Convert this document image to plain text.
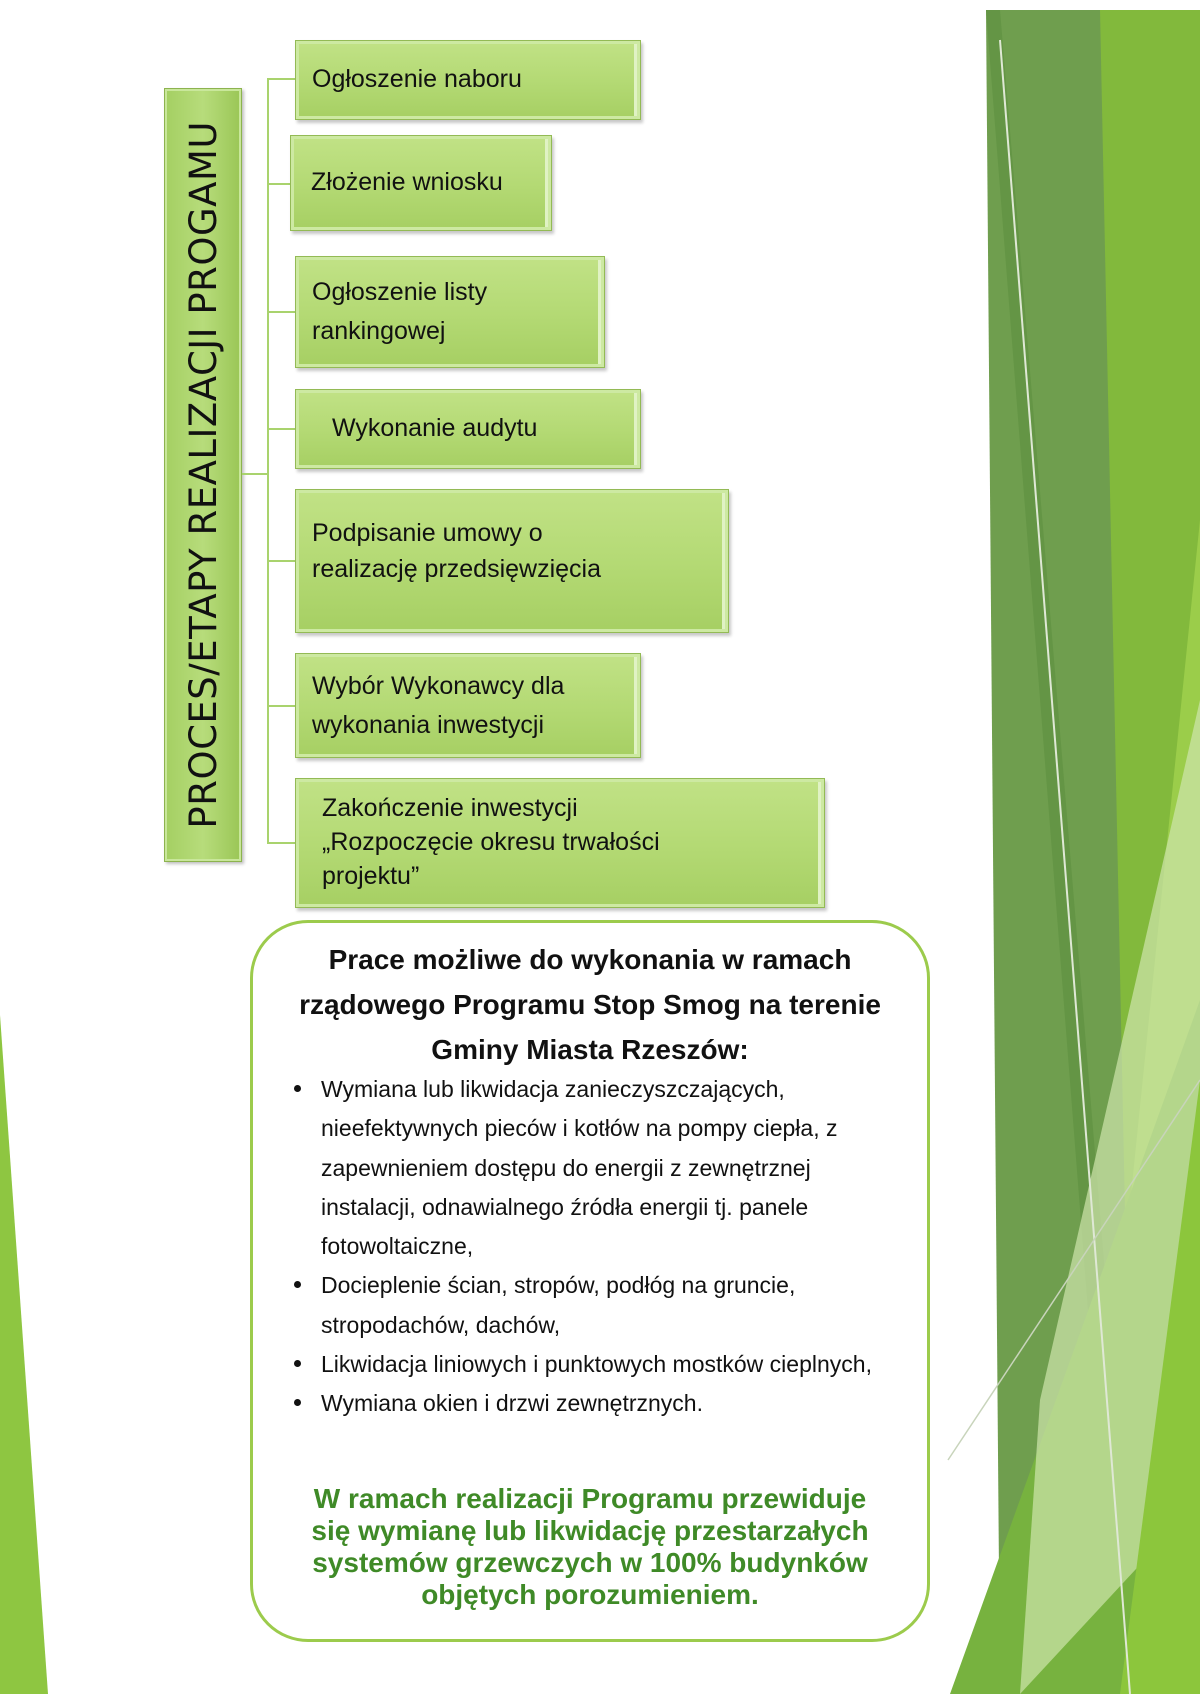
PROCES/ETAPY REALIZACJI PROGAMU
Ogłoszenie naboru
Złożenie wniosku
Ogłoszenie listy
rankingowej
Wykonanie audytu
Podpisanie umowy o
realizację przedsięwzięcia
Wybór Wykonawcy dla
wykonania inwestycji
Zakończenie inwestycji
„Rozpoczęcie okresu trwałości
projektu”
Prace możliwe do wykonania w ramach rządowego Programu Stop Smog na terenie Gminy Miasta Rzeszów:
Wymiana lub likwidacja zanieczyszczających, nieefektywnych pieców i kotłów na pompy ciepła, z zapewnieniem dostępu do energii z zewnętrznej instalacji, odnawialnego źródła energii tj. panele fotowoltaiczne,
Docieplenie ścian, stropów, podłóg na gruncie, stropodachów, dachów,
Likwidacja liniowych i punktowych mostków cieplnych,
Wymiana okien i drzwi zewnętrznych.
W ramach realizacji Programu przewiduje się wymianę lub likwidację przestarzałych systemów grzewczych w 100% budynków objętych porozumieniem.
